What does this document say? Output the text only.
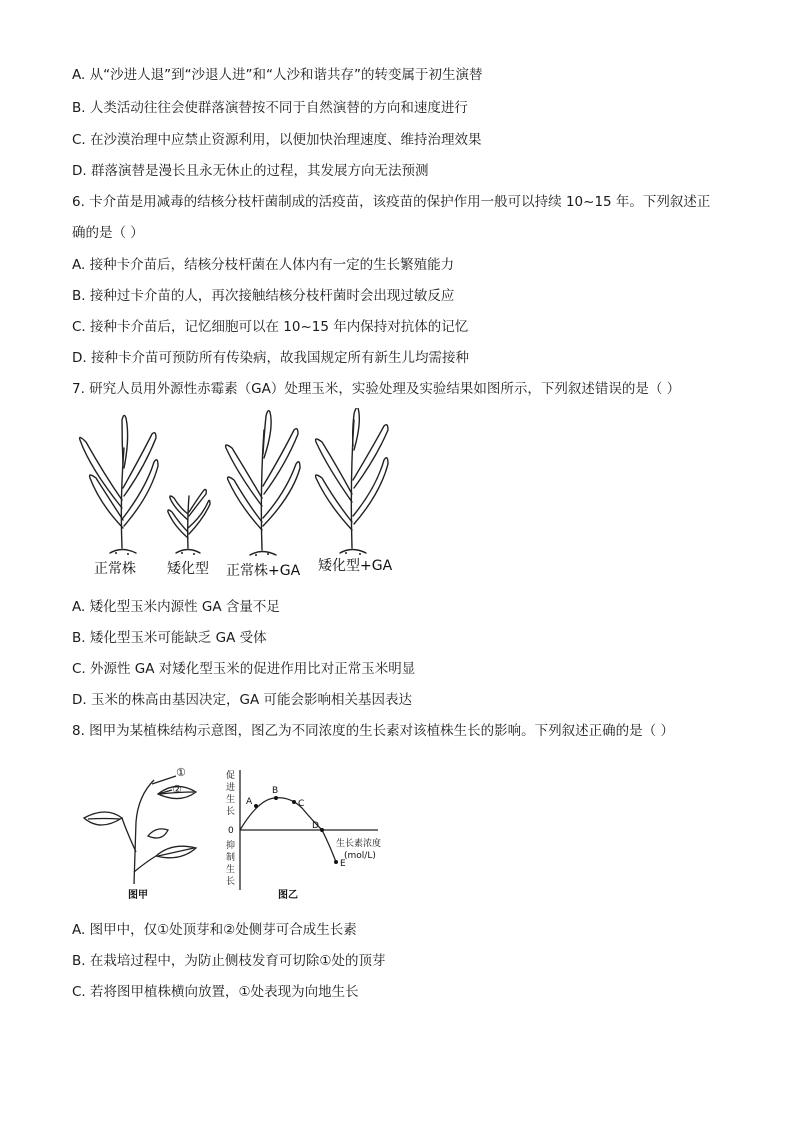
A. 从“沙进人退”到“沙退人进”和“人沙和谐共存”的转变属于初生演替
B. 人类活动往往会使群落演替按不同于自然演替的方向和速度进行
C. 在沙漠治理中应禁止资源利用，以便加快治理速度、维持治理效果
D. 群落演替是漫长且永无休止的过程，其发展方向无法预测
6. 卡介苗是用减毒的结核分枝杆菌制成的活疫苗，该疫苗的保护作用一般可以持续 10~15 年。下列叙述正
确的是（ ）
A. 接种卡介苗后，结核分枝杆菌在人体内有一定的生长繁殖能力
B. 接种过卡介苗的人，再次接触结核分枝杆菌时会出现过敏反应
C. 接种卡介苗后，记忆细胞可以在 10~15 年内保持对抗体的记忆
D. 接种卡介苗可预防所有传染病，故我国规定所有新生儿均需接种
7. 研究人员用外源性赤霉素（GA）处理玉米，实验处理及实验结果如图所示，下列叙述错误的是（ ）
正常株 矮化型 正常株+GA 矮化型+GA
A. 矮化型玉米内源性 GA 含量不足
B. 矮化型玉米可能缺乏 GA 受体
C. 外源性 GA 对矮化型玉米的促进作用比对正常玉米明显
D. 玉米的株高由基因决定，GA 可能会影响相关基因表达
8. 图甲为某植株结构示意图，图乙为不同浓度的生长素对该植株生长的影响。下列叙述正确的是（ ）
①
②
图甲
促
进
生
长
0
抑
制
生
长
A
B
C
D
E
生长素浓度
(mol/L)
图乙
A. 图甲中，仅①处顶芽和②处侧芽可合成生长素
B. 在栽培过程中，为防止侧枝发育可切除①处的顶芽
C. 若将图甲植株横向放置，①处表现为向地生长
